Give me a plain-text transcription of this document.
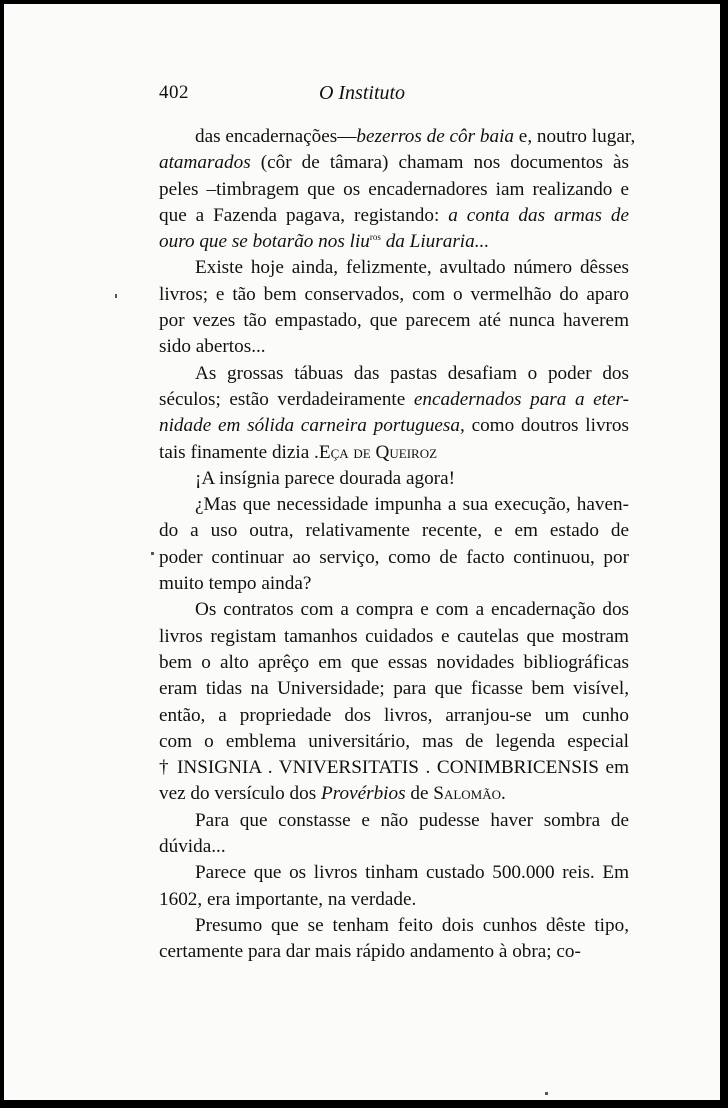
402	O Instituto
das encadernações—bezerros de côr baia e, noutro lugar,
atamarados (côr de tâmara) chamam nos documentos às
peles –timbragem que os encadernadores iam realizando e
que a Fazenda pagava, registando: a conta das armas de
ouro que se botarão nos liu$^{ros}$ da Liuraria...
Existe hoje ainda, felizmente, avultado número dêsses
livros; e tão bem conservados, com o vermelhão do aparo
por vezes tão empastado, que parecem até nunca haverem
sido abertos...
As grossas tábuas das pastas desafiam o poder dos
séculos; estão verdadeiramente encadernados para a eter-
nidade em sólida carneira portuguesa, como doutros livros
tais finamente dizia .Eça de Queiroz
¡A insígnia parece dourada agora!
¿Mas que necessidade impunha a sua execução, haven-
do a uso outra, relativamente recente, e em estado de
poder continuar ao serviço, como de facto continuou, por
muito tempo ainda?
Os contratos com a compra e com a encadernação dos
livros registam tamanhos cuidados e cautelas que mostram
bem o alto aprêço em que essas novidades bibliográficas
eram tidas na Universidade; para que ficasse bem visível,
então, a propriedade dos livros, arranjou-se um cunho
com o emblema universitário, mas de legenda especial
† INSIGNIA . VNIVERSITATIS . CONIMBRICENSIS em
vez do versículo dos Provérbios de Salomão.
Para que constasse e não pudesse haver sombra de
dúvida...
Parece que os livros tinham custado 500.000 reis. Em
1602, era importante, na verdade.
Presumo que se tenham feito dois cunhos dêste tipo,
certamente para dar mais rápido andamento à obra; co-
